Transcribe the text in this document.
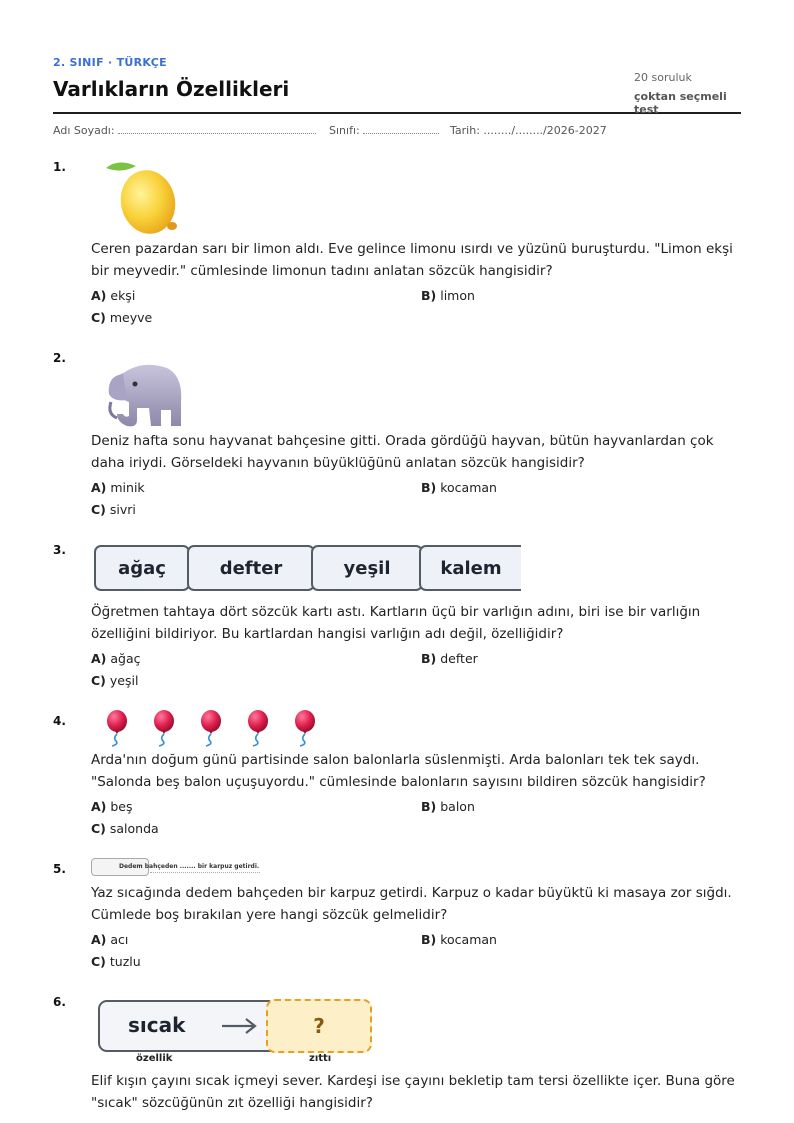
2. SINIF · TÜRKÇE
Varlıkların Özellikleri	20 soruluk
çoktan seçmeli test
Adı Soyadı:	Sınıfı:	Tarih: ......../......../2026-2027
1.
Ceren pazardan sarı bir limon aldı. Eve gelince limonu ısırdı ve yüzünü buruşturdu. "Limon ekşi bir meyvedir." cümlesinde limonun tadını anlatan sözcük hangisidir?
A) ekşi	B) limon
C) meyve
2.
Deniz hafta sonu hayvanat bahçesine gitti. Orada gördüğü hayvan, bütün hayvanlardan çok daha iriydi. Görseldeki hayvanın büyüklüğünü anlatan sözcük hangisidir?
A) minik	B) kocaman
C) sivri
3.
ağaç	defter	yeşil	kalem
Öğretmen tahtaya dört sözcük kartı astı. Kartların üçü bir varlığın adını, biri ise bir varlığın özelliğini bildiriyor. Bu kartlardan hangisi varlığın adı değil, özelliğidir?
A) ağaç	B) defter
C) yeşil
4.
Arda'nın doğum günü partisinde salon balonlarla süslenmişti. Arda balonları tek tek saydı. "Salonda beş balon uçuşuyordu." cümlesinde balonların sayısını bildiren sözcük hangisidir?
A) beş	B) balon
C) salonda
5.	Dedem bahçeden ....... bir karpuz getirdi.
Yaz sıcağında dedem bahçeden bir karpuz getirdi. Karpuz o kadar büyüktü ki masaya zor sığdı. Cümlede boş bırakılan yere hangi sözcük gelmelidir?
A) acı	B) kocaman
C) tuzlu
6.
sıcak	?
özellik	zıttı
Elif kışın çayını sıcak içmeyi sever. Kardeşi ise çayını bekletip tam tersi özellikte içer. Buna göre "sıcak" sözcüğünün zıt özelliği hangisidir?
